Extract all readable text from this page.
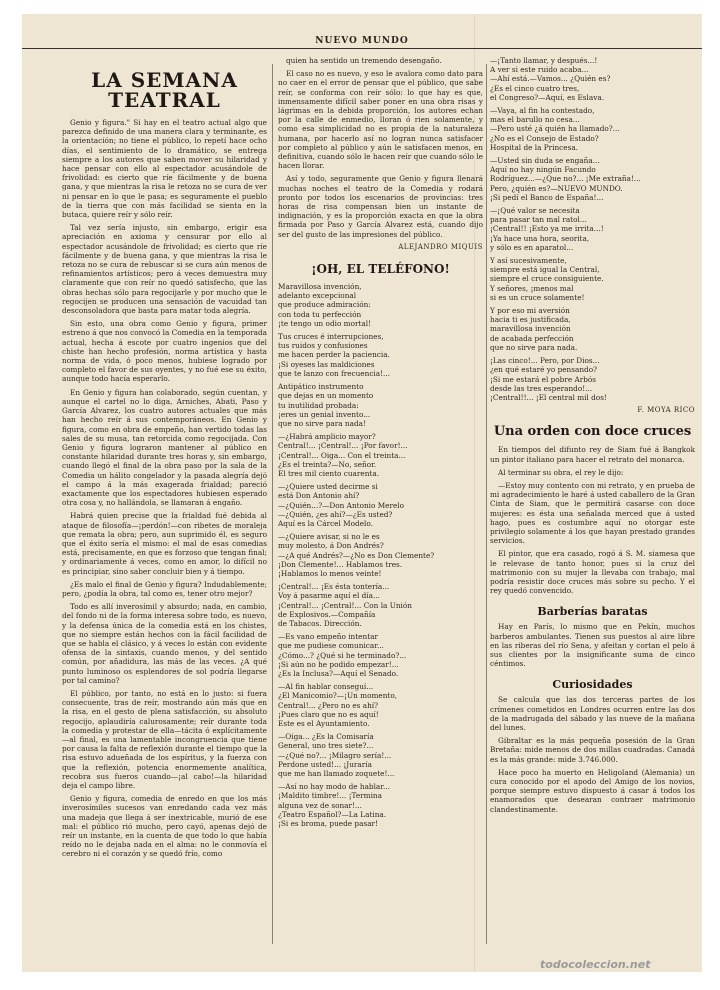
NUEVO MUNDO
LA SEMANA TEATRAL
Genio y figura." Si hay en el teatro actual algo que parezca definido de una manera clara y terminante, es la orientación; no tiene el público, lo repetí hace ocho días, el sentimiento de lo dramático, se entrega siempre a los autores que saben mover su hilaridad y hace pensar con ello al espectador acusándole de frivolidad: es cierto que ríe fácilmente y de buena gana, y que mientras la risa le retoza no se cura de ver ni pensar en lo que le pasa; es seguramente el pueblo de la tierra que con más facilidad se sienta en la butaca, quiere reír y sólo reír.
Tal vez sería injusto, sin embargo, erigir esa apreciación en axioma y censurar por ello al espectador acusándole de frivolidad; es cierto que ríe fácilmente y de buena gana, y que mientras la risa le retoza no se cura de rebuscar si se cura aún menos de refinamientos artísticos; pero á veces demuestra muy claramente que con reír no quedó satisfecho, que las obras hechas sólo para regocijarle y por mucho que le regocijen se producen una sensación de vacuidad tan desconsoladora que basta para matar toda alegría.
Sin esto, una obra como Genio y figura, primer estreno á que nos convocó la Comedia en la temporada actual, hecha á escote por cuatro ingenios que del chiste han hecho profesión, norma artística y hasta norma de vida, ó poco menos, hubiese logrado por completo el favor de sus oyentes, y no fué ese su éxito, aunque todo hacía esperarlo.
En Genio y figura han colaborado, según cuentan, y aunque el cartel no lo diga, Arniches, Abati, Paso y García Alvarez, los cuatro autores actuales que más han hecho reír á sus contemporáneos. En Genio y figura, como en obra de empeño, han vertido todas las sales de su musa, tan retorcida como regocijada. Con Genio y figura lograron mantener al público en constante hilaridad durante tres horas y, sin embargo, cuando llegó el final de la obra paso por la sala de la Comedia un hálito congelador y la pasada alegría dejó el campo á la más exagerada frialdad; pareció exactamente que los espectadores hubiesen esperado otra cosa y, no hallándola, se llamaran á engaño.
Habrá quien precise que la frialdad fué debida al ataque de filosofía—¡perdón!—con ribetes de moraleja que remata la obra; pero, aun suprimido él, es seguro que el éxito sería el mismo: el mal de esas comedias está, precisamente, en que es forzoso que tengan final; y ordinariamente á veces, como en amor, lo difícil no es principiar, sino saber concluir bien y á tiempo.
¿Es malo el final de Genio y figura? Indudablemente; pero, ¿podía la obra, tal como es, tener otro mejor?
Todo es allí inverosímil y absurdo; nada, en cambio, del fondo ni de la forma interesa sobre todo, es nuevo, y la defensa única de la comedia está en los chistes, que no siempre están hechos con la fácil facilidad de que se habla el clásico, y á veces lo están con evidente ofensa de la sintaxis, cuando menos, y del sentido común, por añadidura, las más de las veces. ¿A qué punto luminoso os esplendores de sol podría llegarse por tal camino?
El público, por tanto, no está en lo justo: si fuera consecuente, tras de reír, mostrando aún más que en la risa, en el gesto de plena satisfacción, su absoluto regocijo, aplaudiría calurosamente; reír durante toda la comedia y protestar de ella—tácita ó explícitamente—al final, es una lamentable incongruencia que tiene por causa la falta de reflexión durante el tiempo que la risa estuvo adueñada de los espíritus, y la fuerza con que la reflexión, potencia enormemente analítica, recobra sus fueros cuando—¡al cabo!—la hilaridad deja el campo libre.
Genio y figura, comedia de enredo en que los más inverosímiles sucesos van enredando cada vez más una madeja que llega á ser inextricable, murió de ese mal: el público rió mucho, pero cayó, apenas dejó de reír un instante, en la cuenta de que todo lo que había reído no le dejaba nada en el alma: no le conmovía el cerebro ni el corazón y se quedó frío, como
quien ha sentido un tremendo desengaño.
El caso no es nuevo, y eso le avalora como dato para no caer en el error de pensar que el público, que sabe reír, se conforma con reír sólo: lo que hay es que, inmensamente difícil saber poner en una obra risas y lágrimas en la debida proporción, los autores echan por la calle de enmedio, lloran ó rien solamente, y como esa simplicidad no es propia de la naturaleza humana, por hacerlo así no logran nunca satisfacer por completo al público y aún le satisfacen menos, en definitiva, cuando sólo le hacen reír que cuando sólo le hacen llorar.
Así y todo, seguramente que Genio y figura llenará muchas noches el teatro de la Comedia y rodará pronto por todos los escenarios de provincias: tres horas de risa compensan bien un instante de indignación, y es la proporción exacta en que la obra firmada por Paso y García Alvarez está, cuando dijo ser del gusto de las impresiones del público.
ALEJANDRO MIQUIS
¡OH, EL TELÉFONO!
Maravillosa invención,
adelanto excepcional
que produce admiración:
con toda tu perfección
¡te tengo un odio mortal!
Tus cruces é interrupciones,
tus ruidos y confusiones
me hacen perder la paciencia.
¡Si oyeses las maldiciones
que te lanzo con frecuencia!...
Antipático instrumento
que dejas en un momento
tu inutilidad probada:
¡eres un genial invento...
que no sirve para nada!
—¿Habrá amplicio mayor?
Central!... ¡Central!... ¡Por favor!...
¡Central!... Oiga... Con el treinta...
¿Es el treinta?—No, señor.
El tres mil ciento cuarenta.
—¿Quiere usted decirme si
está Don Antonio ahí?
—¿Quién...?—Don Antonio Merelo
—¿Quién, ¿es ahí?—¿Es usted?
Aquí es la Cárcel Modelo.
—¿Quiere avisar, si no le es
muy molesto, á Don Andrés?
—¿A qué Andrés?—¿No es Don Clemente?
¡Don Clemente!... Hablamos tres.
¡Hablamos lo menos veinte!
¡Central!... ¡Es ésta tontería...
Voy á pasarme aquí el día...
¡Central!... ¡Central!... Con la Unión
de Explosivos.—Compañía
de Tabacos. Dirección.
—Es vano empeño intentar
que me pudiese comunicar...
¿Cómo...? ¿Qué si he terminado?...
¡Si aún no he podido empezar!...
¿Es la Inclusa?—Aquí el Senado.
—Al fin hablar conseguí...
¿El Manicomio?—¡Un momento,
Central!... ¿Pero no es ahí?
¡Pues claro que no es aquí!
Este es el Ayuntamiento.
—Oiga... ¿Es la Comisaría
General, uno tres siete?...
—¿Qué no?... ¡Milagro sería!...
Perdone usted!... ¡Juraría
que me han llamado zoquete!...
—Así no hay modo de hablar...
¡Maldito timbre!... ¡Termina
alguna vez de sonar!...
¿Teatro Español?—La Latina.
¡Si es broma, puede pasar!
—¡Tanto llamar, y después...!
A ver si este ruido acaba...
—Ahí está.—Vamos... ¿Quién es?
¿Es el cinco cuatro tres,
el Congreso?—Aquí, es Eslava.
—Vaya, al fin ha contestado,
mas el barullo no cesa...
—Pero usté ¿á quién ha llamado?...
¿No es el Consejo de Estado?
Hospital de la Princesa.
—Usted sin duda se engaña...
Aquí no hay ningún Facundo
Rodríguez...—¿Que no?... ¡Me extraña!...
Pero, ¿quién es?—NUEVO MUNDO.
¡Si pedí el Banco de España!...
—¡Qué valor se necesita
para pasar tan mal ratol...
¡Central!! ¡Esto ya me irrita...!
¡Ya hace una hora, seorita,
y sólo es en aparatol...
Y así sucesivamente,
siempre está igual la Central,
siempre el cruce consiguiente.
Y señores, ¡menos mal
si es un cruce solamente!
Y por eso mi aversión
hacia ti es justificada,
maravillosa invención
de acabada perfección
que no sirve para nada.
¡Las cinco!... Pero, por Dios...
¿en qué estaré yo pensando?
¡Si me estará el pobre Arbós
desde las tres esperando!...
¡Central!!... ¡El central mil dos!
F. MOYA RICO
Una orden con doce cruces
En tiempos del difunto rey de Siam fué á Bangkok un pintor italiano para hacer el retrato del monarca.
Al terminar su obra, el rey le dijo:
—Estoy muy contento con mi retrato, y en prueba de mi agradecimiento le haré á usted caballero de la Gran Cinta de Siam, que le permitirá casarse con doce mujeres: es ésta una señalada merced que á usted hago, pues es costumbre aquí no otorgar este privilegio solamente á los que hayan prestado grandes servicios.
El pintor, que era casado, rogó á S. M. siamesa que le relevase de tanto honor, pues si la cruz del matrimonio con su mujer la llevaba con trabajo, mal podría resistir doce cruces más sobre su pecho. Y el rey quedó convencido.
Barberías baratas
Hay en París, lo mismo que en Pekín, muchos barberos ambulantes. Tienen sus puestos al aire libre en las riberas del río Sena, y afeitan y cortan el pelo á sus clientes por la insignificante suma de cinco céntimos.
Curiosidades
Se calcula que las dos terceras partes de los crímenes cometidos en Londres ocurren entre las dos de la madrugada del sábado y las nueve de la mañana del lunes.
Gibraltar es la más pequeña posesión de la Gran Bretaña: mide menos de dos millas cuadradas. Canadá es la más grande: mide 3.746.000.
Hace poco ha muerto en Heligoland (Alemania) un cura conocido por el apodo del Amigo de los novios, porque siempre estuvo dispuesto á casar á todos los enamorados que desearan contraer matrimonio clandestinamente.
todocoleccion.net
